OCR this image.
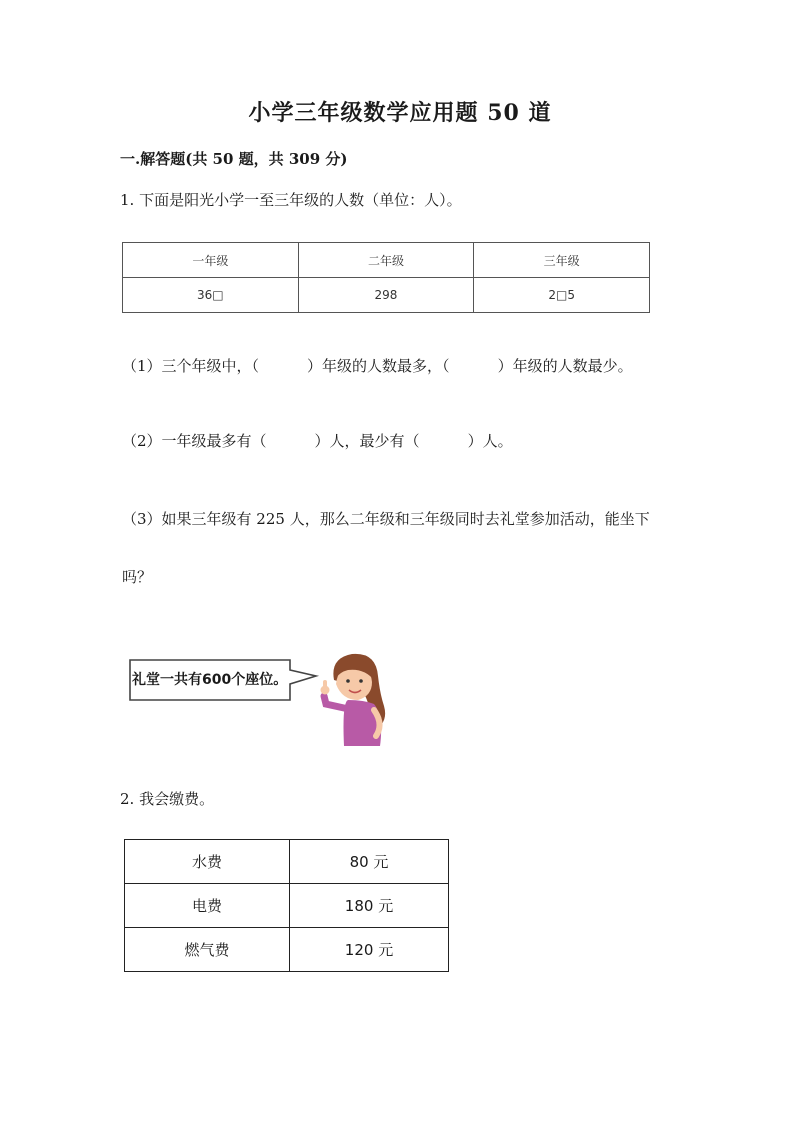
小学三年级数学应用题 50 道
一.解答题(共 50 题，共 309 分)
1. 下面是阳光小学一至三年级的人数（单位：人）。
一年级	二年级	三年级
36□	298	2□5
（1）三个年级中，（	）年级的人数最多，（	）年级的人数最少。
（2）一年级最多有（	）人，最少有（	）人。
（3）如果三年级有 225 人，那么二年级和三年级同时去礼堂参加活动，能坐下
吗？
礼堂一共有600个座位。
2. 我会缴费。
水费	80 元
电费	180 元
燃气费	120 元
